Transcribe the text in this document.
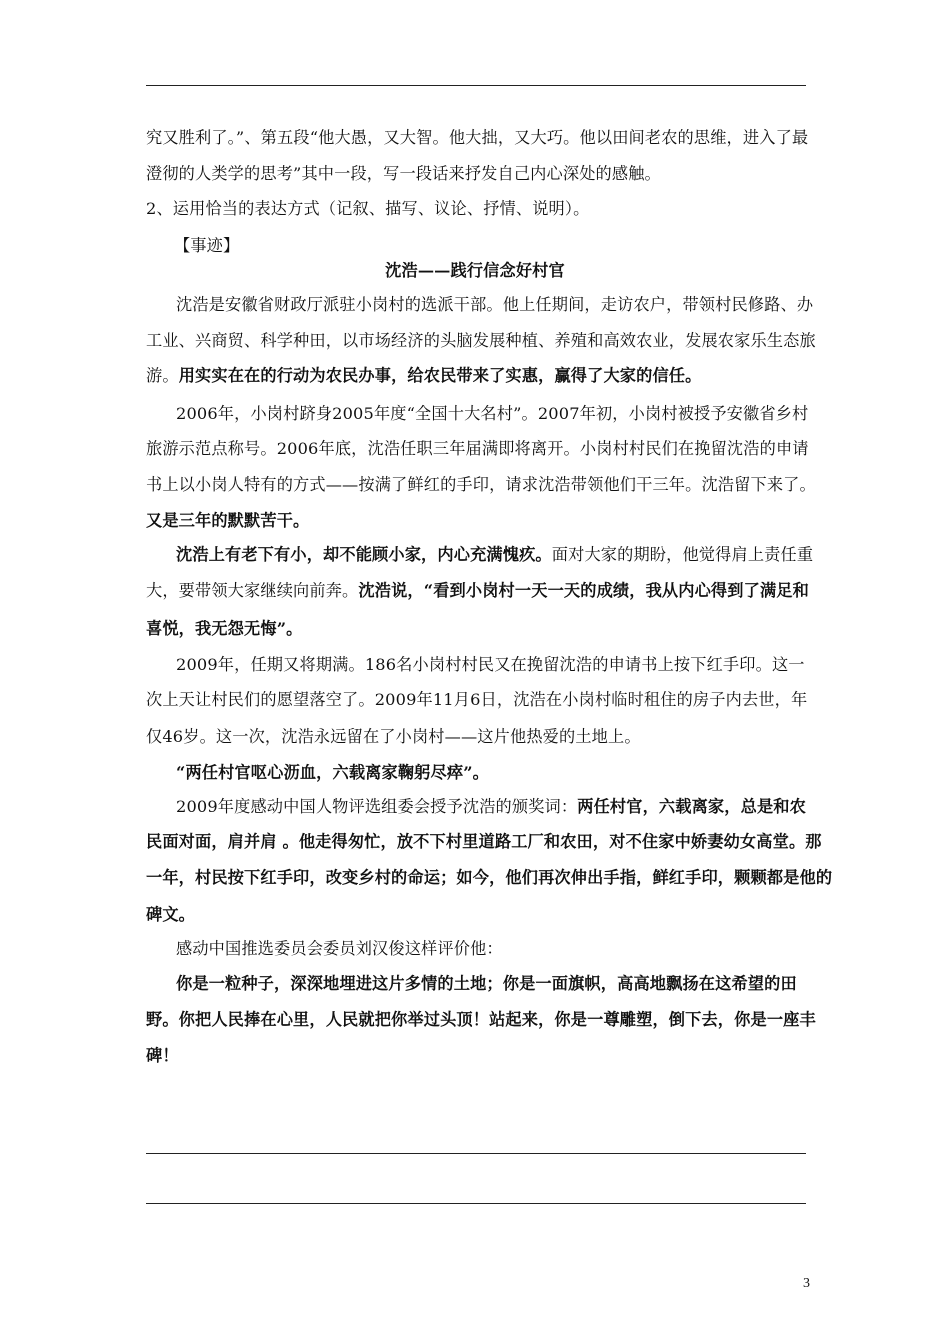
究又胜利了。”、第五段“他大愚，又大智。他大拙，又大巧。他以田间老农的思维，进入了最
澄彻的人类学的思考”其中一段，写一段话来抒发自己内心深处的感触。
2、运用恰当的表达方式（记叙、描写、议论、抒情、说明）。
【事迹】
沈浩——践行信念好村官
沈浩是安徽省财政厅派驻小岗村的选派干部。他上任期间，走访农户，带领村民修路、办
工业、兴商贸、科学种田，以市场经济的头脑发展种植、养殖和高效农业，发展农家乐生态旅
游。用实实在在的行动为农民办事，给农民带来了实惠，赢得了大家的信任。
2006年，小岗村跻身2005年度“全国十大名村”。2007年初，小岗村被授予安徽省乡村
旅游示范点称号。2006年底，沈浩任职三年届满即将离开。小岗村村民们在挽留沈浩的申请
书上以小岗人特有的方式——按满了鲜红的手印，请求沈浩带领他们干三年。沈浩留下来了。
又是三年的默默苦干。
沈浩上有老下有小，却不能顾小家，内心充满愧疚。面对大家的期盼，他觉得肩上责任重
大，要带领大家继续向前奔。沈浩说，“看到小岗村一天一天的成绩，我从内心得到了满足和
喜悦，我无怨无悔”。
2009年，任期又将期满。186名小岗村村民又在挽留沈浩的申请书上按下红手印。这一
次上天让村民们的愿望落空了。2009年11月6日，沈浩在小岗村临时租住的房子内去世，年
仅46岁。这一次，沈浩永远留在了小岗村——这片他热爱的土地上。
“两任村官呕心沥血，六载离家鞠躬尽瘁”。
2009年度感动中国人物评选组委会授予沈浩的颁奖词：两任村官，六载离家，总是和农
民面对面，肩并肩 。他走得匆忙，放不下村里道路工厂和农田，对不住家中娇妻幼女高堂。那
一年，村民按下红手印，改变乡村的命运；如今，他们再次伸出手指，鲜红手印，颗颗都是他的
碑文。
感动中国推选委员会委员刘汉俊这样评价他：
你是一粒种子，深深地埋进这片多情的土地；你是一面旗帜，高高地飘扬在这希望的田
野。你把人民捧在心里，人民就把你举过头顶！站起来，你是一尊雕塑，倒下去，你是一座丰
碑！
3
